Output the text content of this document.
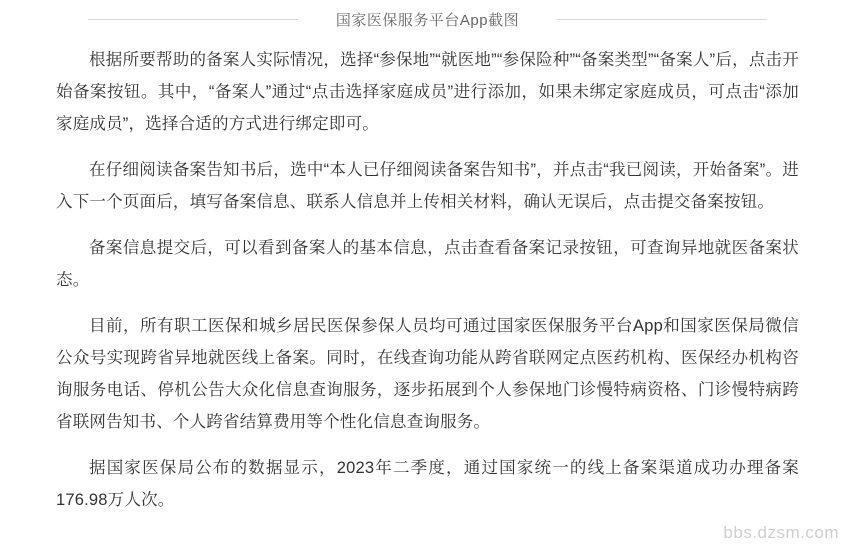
国家医保服务平台App截图

根据所要帮助的备案人实际情况，选择“参保地”“就医地”“参保险种”“备案类型”“备案人”后，点击开始备案按钮。其中，“备案人”通过“点击选择家庭成员”进行添加，如果未绑定家庭成员，可点击“添加家庭成员”，选择合适的方式进行绑定即可。

在仔细阅读备案告知书后，选中“本人已仔细阅读备案告知书”，并点击“我已阅读，开始备案”。进入下一个页面后，填写备案信息、联系人信息并上传相关材料，确认无误后，点击提交备案按钮。

备案信息提交后，可以看到备案人的基本信息，点击查看备案记录按钮，可查询异地就医备案状态。

目前，所有职工医保和城乡居民医保参保人员均可通过国家医保服务平台App和国家医保局微信公众号实现跨省异地就医线上备案。同时，在线查询功能从跨省联网定点医药机构、医保经办机构咨询服务电话、停机公告大众化信息查询服务，逐步拓展到个人参保地门诊慢特病资格、门诊慢特病跨省联网告知书、个人跨省结算费用等个性化信息查询服务。

据国家医保局公布的数据显示，2023年二季度，通过国家统一的线上备案渠道成功办理备案176.98万人次。

bbs.dzsm.com
